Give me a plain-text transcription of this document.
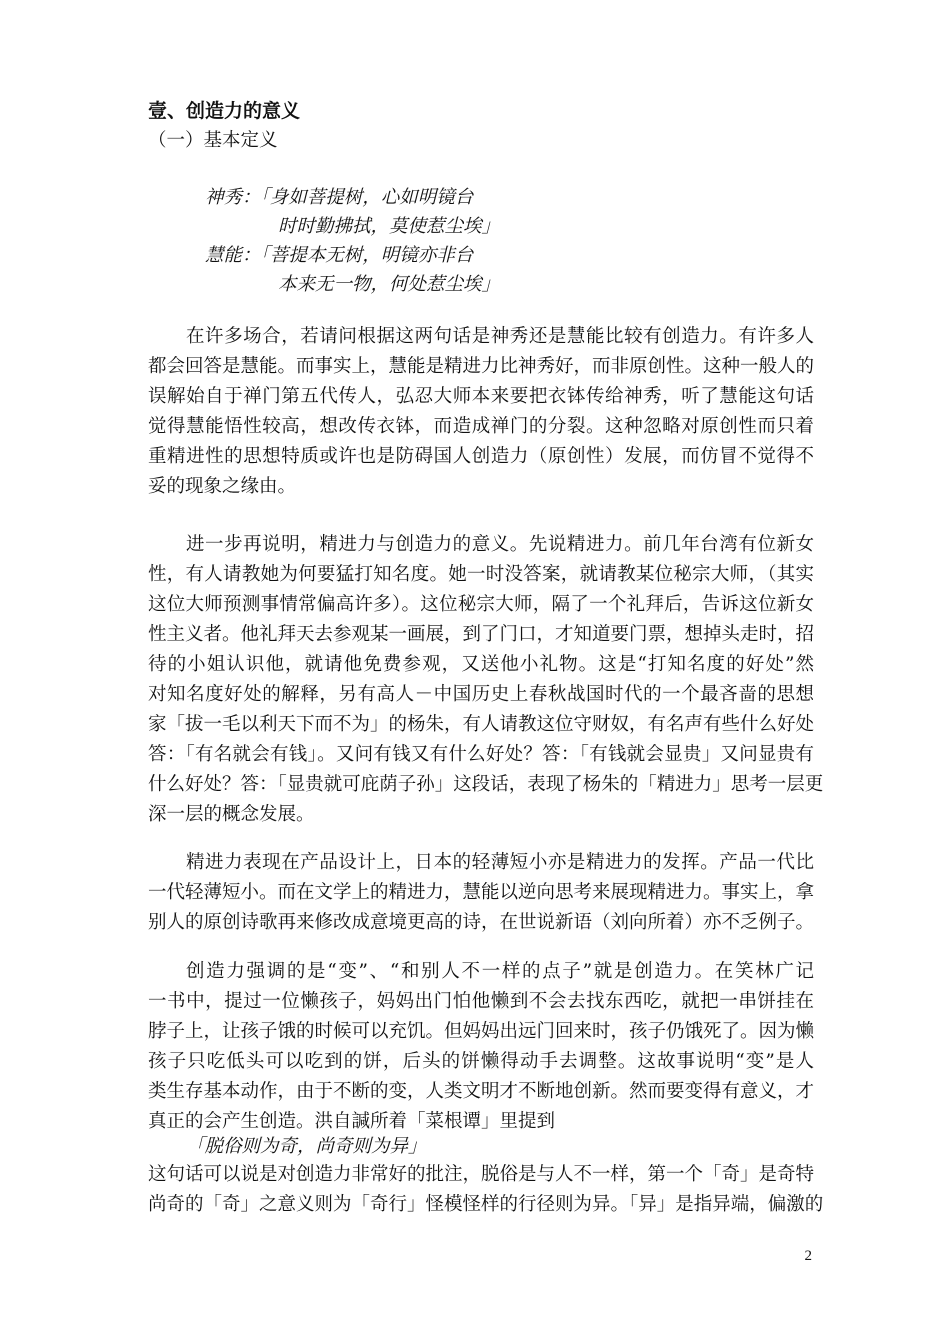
壹、创造力的意义
（一）基本定义
神秀：「身如菩提树，心如明镜台
时时勤拂拭，莫使惹尘埃」
慧能：「菩提本无树，明镜亦非台
本来无一物，何处惹尘埃」
在许多场合，若请问根据这两句话是神秀还是慧能比较有创造力。有许多人
都会回答是慧能。而事实上，慧能是精进力比神秀好，而非原创性。这种一般人的
误解始自于禅门第五代传人，弘忍大师本来要把衣钵传给神秀，听了慧能这句话
觉得慧能悟性较高，想改传衣钵，而造成禅门的分裂。这种忽略对原创性而只着
重精进性的思想特质或许也是防碍国人创造力（原创性）发展，而仿冒不觉得不
妥的现象之缘由。
进一步再说明，精进力与创造力的意义。先说精进力。前几年台湾有位新女
性，有人请教她为何要猛打知名度。她一时没答案，就请教某位秘宗大师，（其实
这位大师预测事情常偏高许多）。这位秘宗大师，隔了一个礼拜后，告诉这位新女
性主义者。他礼拜天去参观某一画展，到了门口，才知道要门票，想掉头走时，招
待的小姐认识他，就请他免费参观，又送他小礼物。这是“打知名度的好处”然
对知名度好处的解释，另有高人－中国历史上春秋战国时代的一个最吝啬的思想
家「拔一毛以利天下而不为」的杨朱，有人请教这位守财奴，有名声有些什么好处
答：「有名就会有钱」。又问有钱又有什么好处？答：「有钱就会显贵」又问显贵有
什么好处？答：「显贵就可庇荫子孙」这段话，表现了杨朱的「精进力」思考一层更
深一层的概念发展。
精进力表现在产品设计上，日本的轻薄短小亦是精进力的发挥。产品一代比
一代轻薄短小。而在文学上的精进力，慧能以逆向思考来展现精进力。事实上，拿
别人的原创诗歌再来修改成意境更高的诗，在世说新语（刘向所着）亦不乏例子。
创造力强调的是“变”、“和别人不一样的点子”就是创造力。在笑林广记
一书中，提过一位懒孩子，妈妈出门怕他懒到不会去找东西吃，就把一串饼挂在
脖子上，让孩子饿的时候可以充饥。但妈妈出远门回来时，孩子仍饿死了。因为懒
孩子只吃低头可以吃到的饼，后头的饼懒得动手去调整。这故事说明“变”是人
类生存基本动作，由于不断的变，人类文明才不断地创新。然而要变得有意义，才
真正的会产生创造。洪自諴所着「菜根谭」里提到
「脱俗则为奇，尚奇则为异」
这句话可以说是对创造力非常好的批注，脱俗是与人不一样，第一个「奇」是奇特
尚奇的「奇」之意义则为「奇行」怪模怪样的行径则为异。「异」是指异端，偏激的
2
